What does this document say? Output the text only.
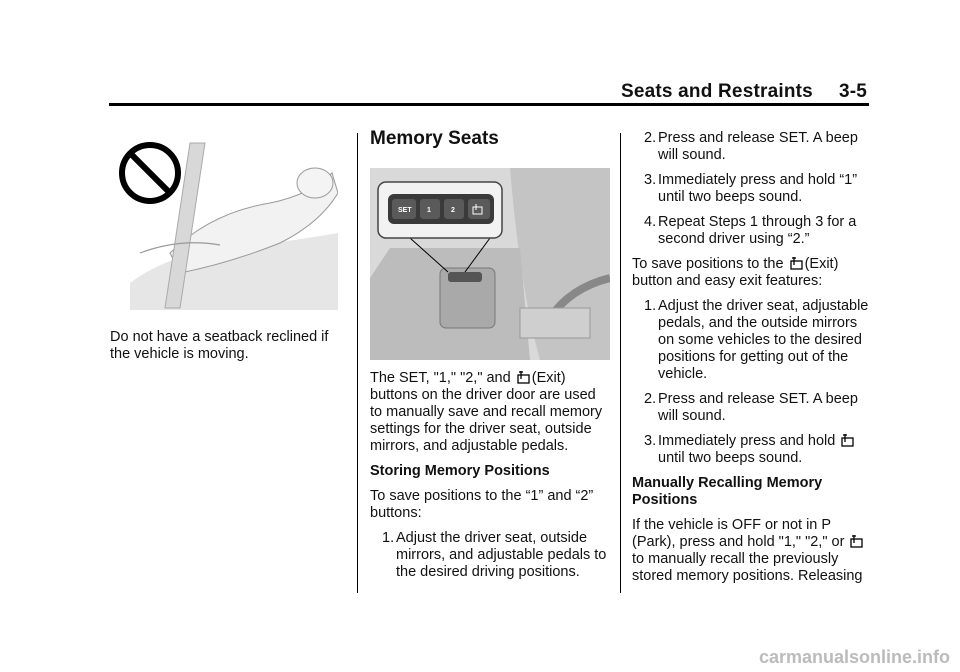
Seats and Restraints 3-5

Do not have a seatback reclined if the vehicle is moving.

Memory Seats

SET 1	2

The SET, "1," "2," and (Exit) buttons on the driver door are used to manually save and recall memory settings for the driver seat, outside mirrors, and adjustable pedals.

Storing Memory Positions

To save positions to the “1” and “2” buttons:

1. Adjust the driver seat, outside mirrors, and adjustable pedals to the desired driving positions.
2. Press and release SET. A beep will sound.
3. Immediately press and hold “1” until two beeps sound.
4. Repeat Steps 1 through 3 for a second driver using “2.”

To save positions to the (Exit) button and easy exit features:

1. Adjust the driver seat, adjustable pedals, and the outside mirrors on some vehicles to the desired positions for getting out of the vehicle.
2. Press and release SET. A beep will sound.
3. Immediately press and hold  until two beeps sound.

Manually Recalling Memory Positions

If the vehicle is OFF or not in P (Park), press and hold "1," "2," or to manually recall the previously stored memory positions. Releasing

carmanualsonline.info
